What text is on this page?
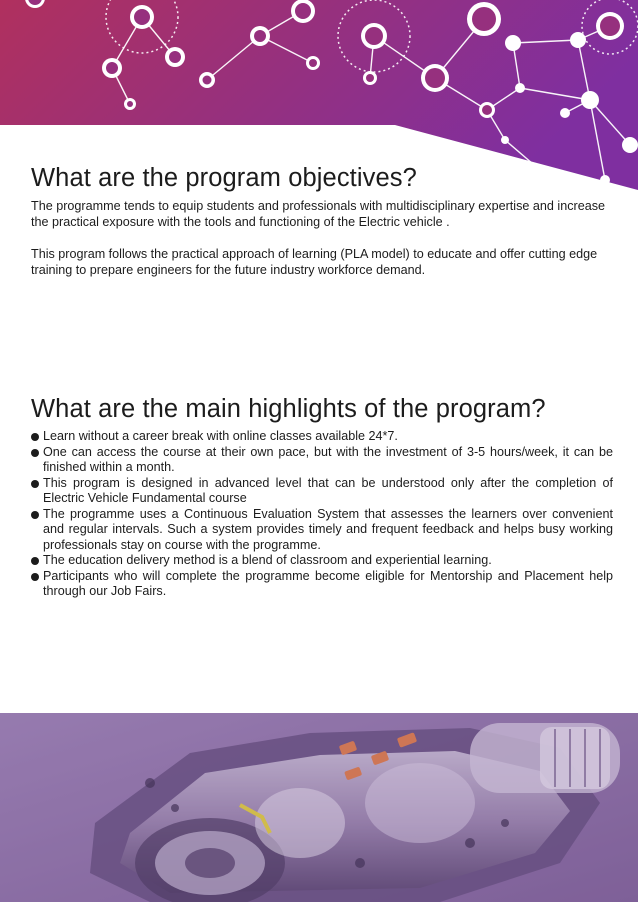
What are the program objectives?

The programme tends to equip students and professionals with multidisciplinary expertise and increase the practical exposure with the tools and functioning of the Electric vehicle .

This program follows the practical approach of learning (PLA model) to educate and offer cutting edge training to prepare engineers for the future industry workforce demand.

What are the main highlights of the program?
Learn without a career break with online classes available 24*7.
One can access the course at their own pace, but with the investment of 3-5 hours/week, it can be finished within a month.
This program is designed in advanced level that can be understood only after the completion of Electric Vehicle Fundamental course
The programme uses a Continuous Evaluation System that assesses the learners over convenient and regular intervals. Such a system provides timely and frequent feedback and helps busy working professionals stay on course with the programme.
The education delivery method is a blend of classroom and experiential learning.
Participants who will complete the programme become eligible for Mentorship and Placement help through our Job Fairs.
